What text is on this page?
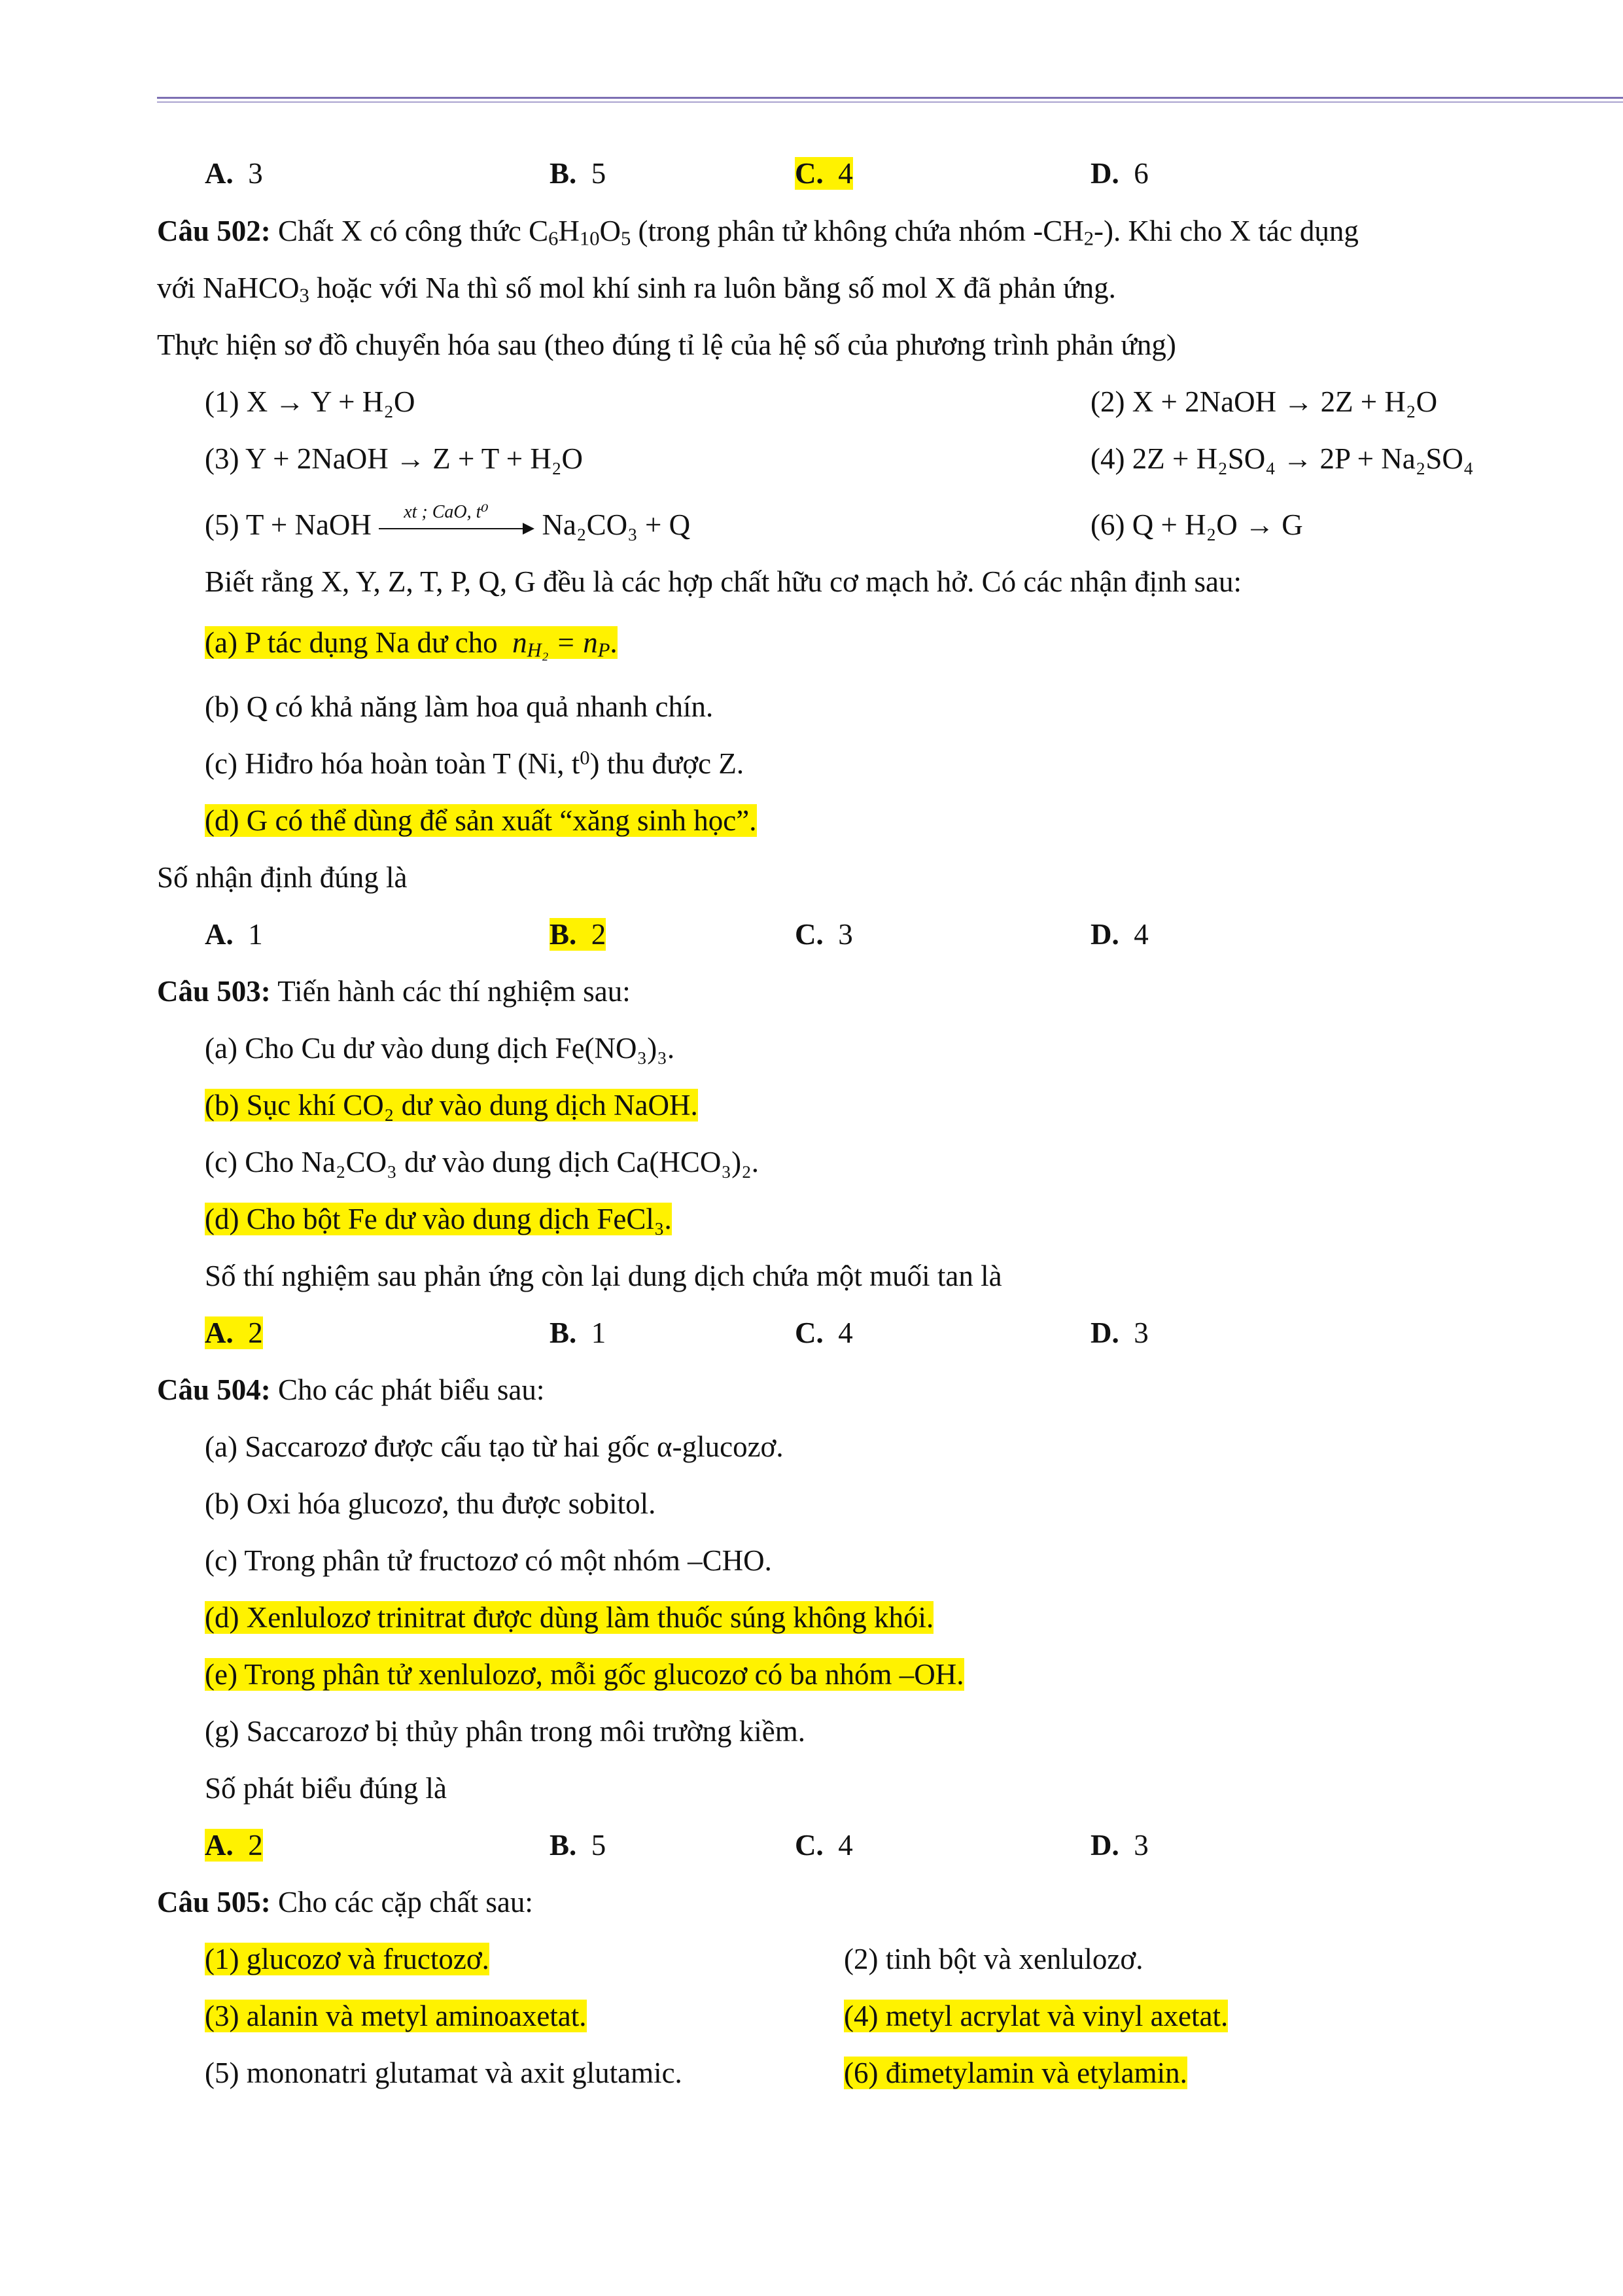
A. 3	B. 5	C. 4	D. 6
Câu 502: Chất X có công thức $C_6H_{10}O_5$ (trong phân tử không chứa nhóm $-CH_2-$). Khi cho X tác dụng
với NaHCO$_3$ hoặc với Na thì số mol khí sinh ra luôn bằng số mol X đã phản ứng.
Thực hiện sơ đồ chuyển hóa sau (theo đúng tỉ lệ của hệ số của phương trình phản ứng)
(1) X → Y + H₂O	(2) X + 2NaOH → 2Z + H₂O
(3) Y + 2NaOH → Z + T + H₂O	(4) 2Z + H₂SO₄ → 2P + Na₂SO₄
(5) T + NaOH xt ; CaO, t⁰ Na₂CO₃ + Q	(6) Q + H₂O → G
Biết rằng X, Y, Z, T, P, Q, G đều là các hợp chất hữu cơ mạch hở. Có các nhận định sau:
(a) P tác dụng Na dư cho $n_{H_2} = n_P$.
(b) Q có khả năng làm hoa quả nhanh chín.
(c) Hiđro hóa hoàn toàn T (Ni, $t^0$) thu được Z.
(d) G có thể dùng để sản xuất “xăng sinh học”.
Số nhận định đúng là
A. 1	B. 2	C. 3	D. 4
Câu 503: Tiến hành các thí nghiệm sau:
(a) Cho Cu dư vào dung dịch Fe(NO₃)₃.
(b) Sục khí CO₂ dư vào dung dịch NaOH.
(c) Cho Na₂CO₃ dư vào dung dịch Ca(HCO₃)₂.
(d) Cho bột Fe dư vào dung dịch FeCl₃.
Số thí nghiệm sau phản ứng còn lại dung dịch chứa một muối tan là
A. 2	B. 1	C. 4	D. 3
Câu 504: Cho các phát biểu sau:
(a) Saccarozơ được cấu tạo từ hai gốc α-glucozơ.
(b) Oxi hóa glucozơ, thu được sobitol.
(c) Trong phân tử fructozơ có một nhóm –CHO.
(d) Xenlulozơ trinitrat được dùng làm thuốc súng không khói.
(e) Trong phân tử xenlulozơ, mỗi gốc glucozơ có ba nhóm –OH.
(g) Saccarozơ bị thủy phân trong môi trường kiềm.
Số phát biểu đúng là
A. 2	B. 5	C. 4	D. 3
Câu 505: Cho các cặp chất sau:
(1) glucozơ và fructozơ.	(2) tinh bột và xenlulozơ.
(3) alanin và metyl aminoaxetat.	(4) metyl acrylat và vinyl axetat.
(5) mononatri glutamat và axit glutamic.	(6) đimetylamin và etylamin.
